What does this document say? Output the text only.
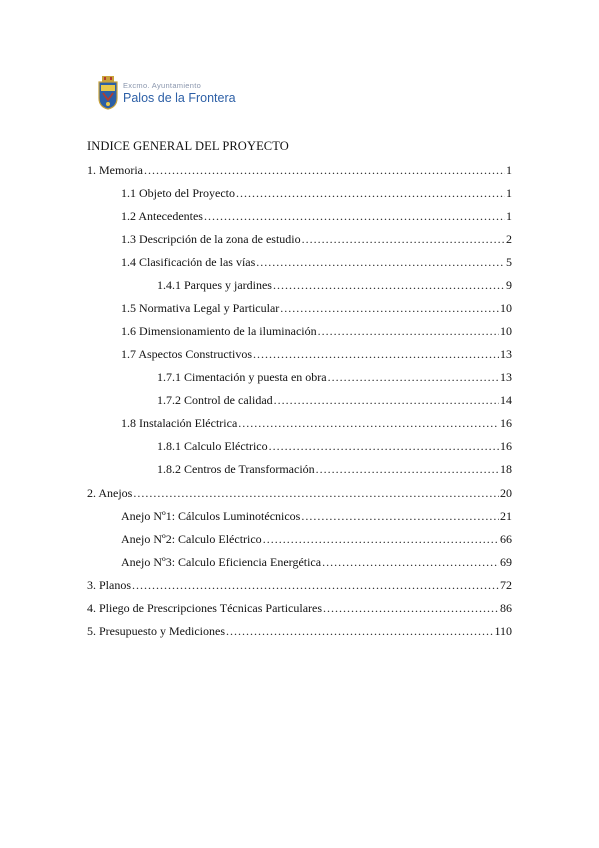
Excmo. Ayuntamiento
Palos de la Frontera
INDICE GENERAL DEL PROYECTO
1. Memoria .....	1
1.1 Objeto del Proyecto .....	1
1.2 Antecedentes .....	1
1.3 Descripción de la zona de estudio .....	2
1.4 Clasificación de las vías .....	5
1.4.1 Parques y jardines .....	9
1.5 Normativa Legal y Particular .....	10
1.6 Dimensionamiento de la iluminación .....	10
1.7 Aspectos Constructivos .....	13
1.7.1 Cimentación y puesta en obra .....	13
1.7.2 Control de calidad .....	14
1.8 Instalación Eléctrica .....	16
1.8.1 Calculo Eléctrico .....	16
1.8.2 Centros de Transformación .....	18
2. Anejos .....	20
Anejo Nº1: Cálculos Luminotécnicos .....	21
Anejo Nº2: Calculo Eléctrico .....	66
Anejo Nº3: Calculo Eficiencia Energética .....	69
3. Planos .....	72
4. Pliego de Prescripciones Técnicas Particulares .....	86
5. Presupuesto y Mediciones .....	110
